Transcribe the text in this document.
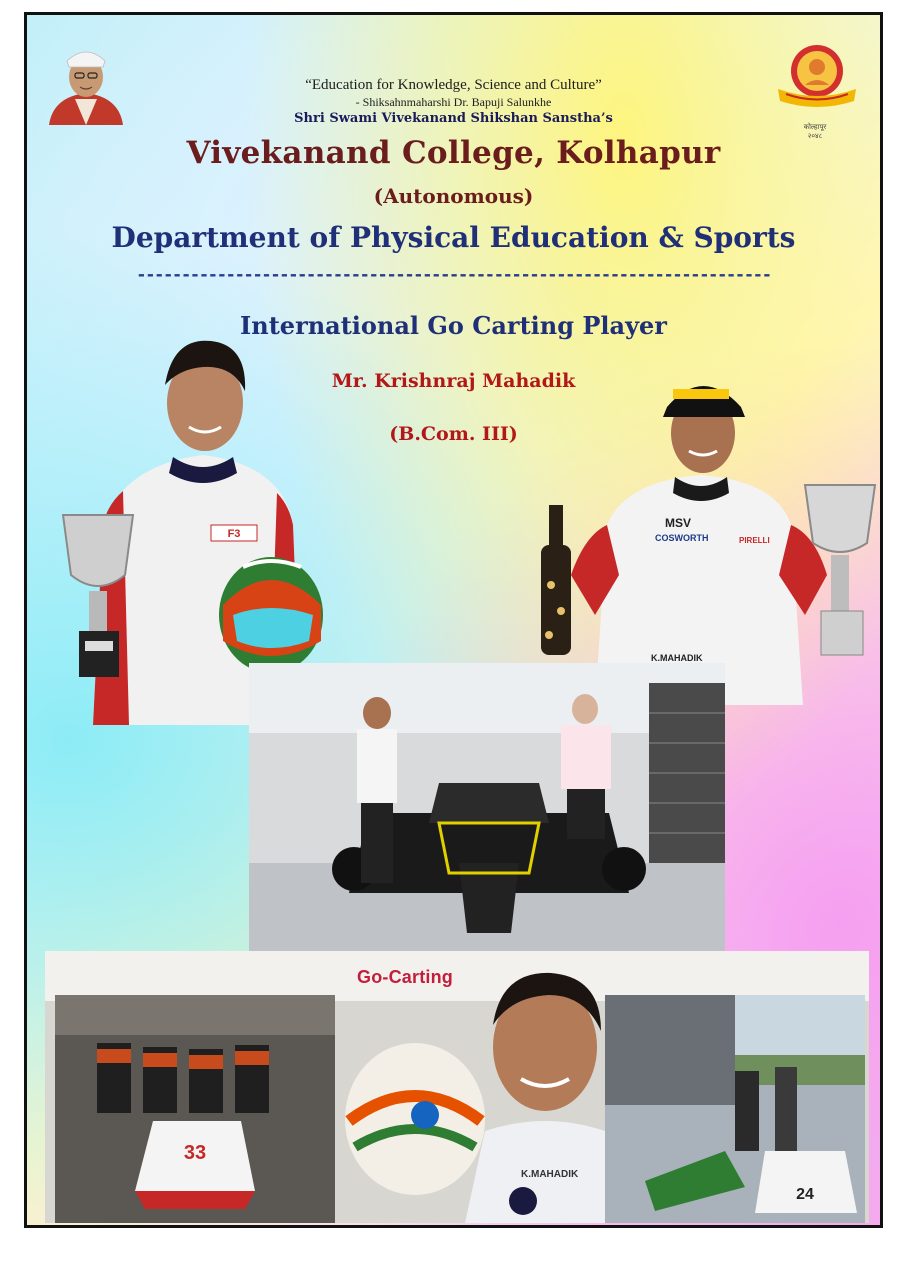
कोल्हापूर
२०४८
“Education for Knowledge, Science and Culture”
- Shiksahnmaharshi Dr. Bapuji Salunkhe
Shri Swami Vivekanand Shikshan Sanstha’s
Vivekanand College, Kolhapur
(Autonomous)
Department of Physical Education & Sports
-----------------------------------------------------------------------
F3
MSV
COSWORTH	PIRELLI
K.MAHADIK
33
K.MAHADIK
24
Go-Carting
International Go Carting Player
Mr. Krishnraj Mahadik
(B.Com. III)
